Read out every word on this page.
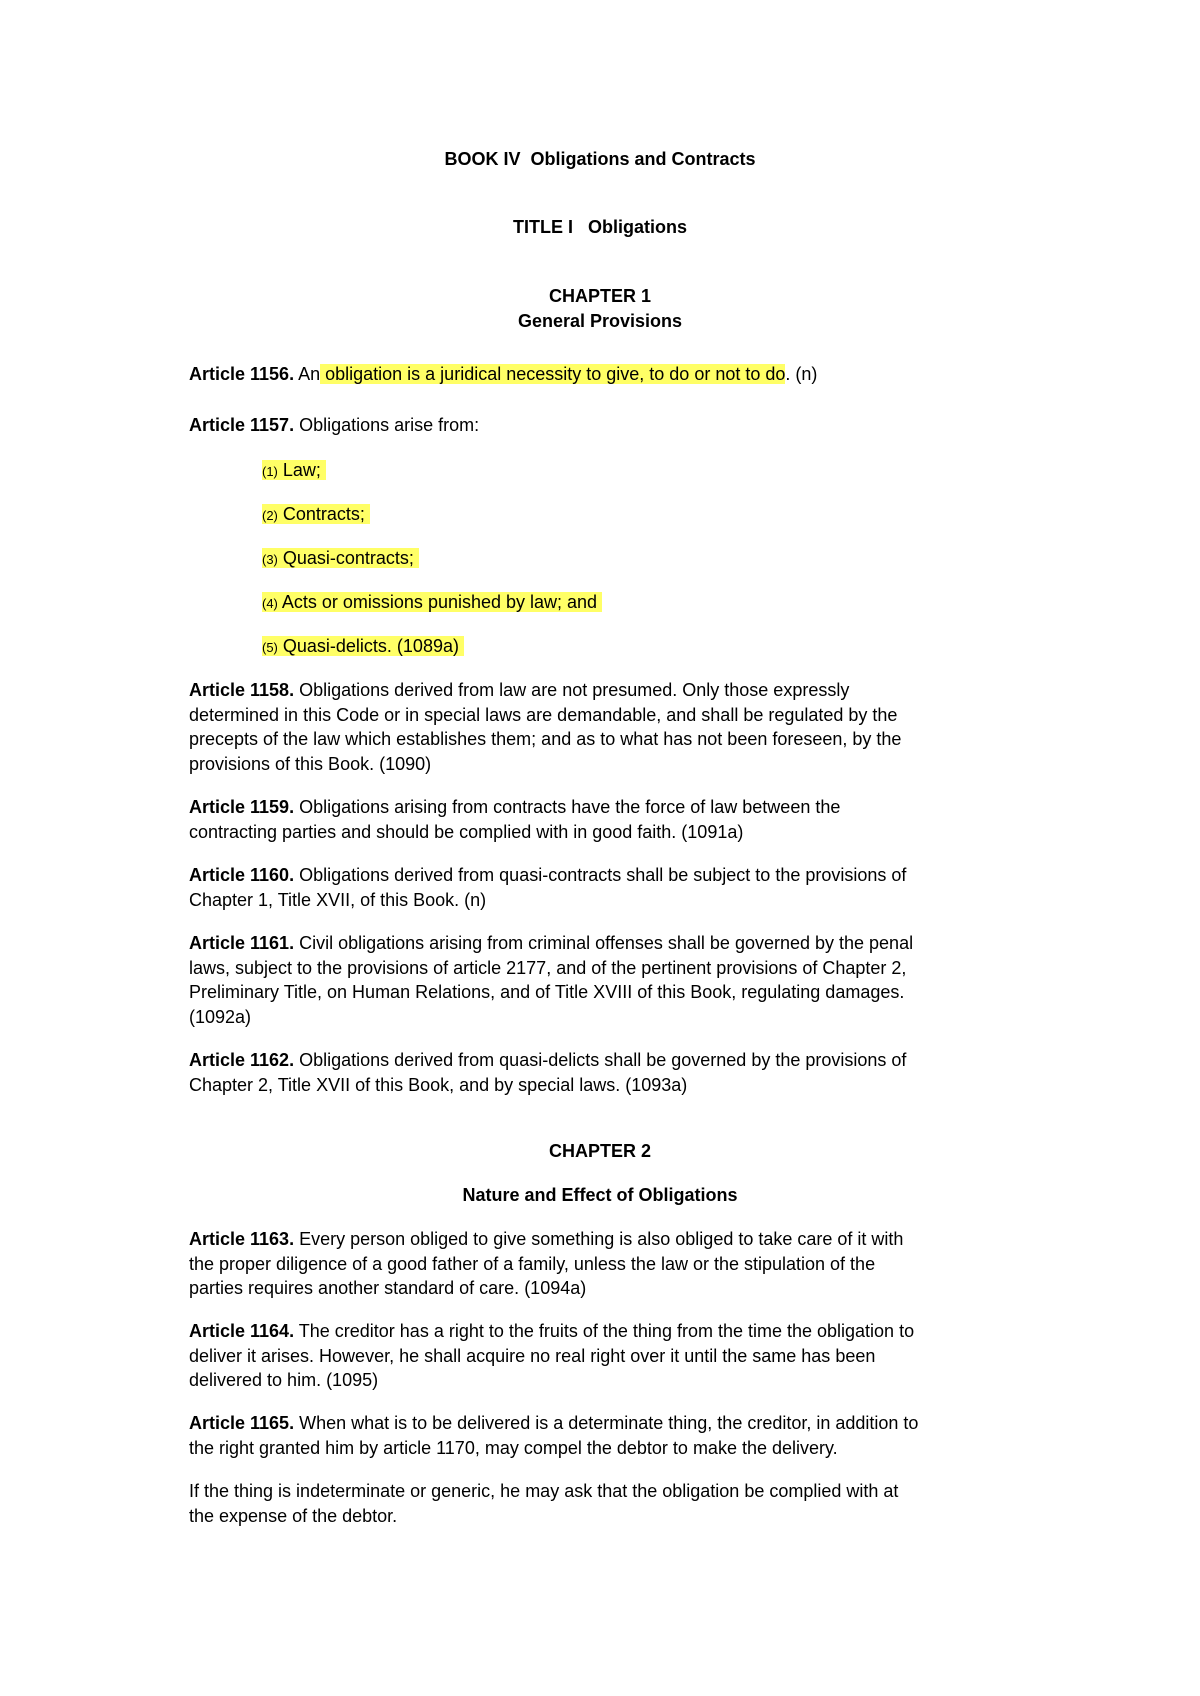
BOOK IV  Obligations and Contracts
TITLE I   Obligations
CHAPTER 1
General Provisions
Article 1156. An obligation is a juridical necessity to give, to do or not to do. (n)
Article 1157. Obligations arise from:
(1) Law;
(2) Contracts;
(3) Quasi-contracts;
(4) Acts or omissions punished by law; and
(5) Quasi-delicts. (1089a)
Article 1158. Obligations derived from law are not presumed. Only those expressly
determined in this Code or in special laws are demandable, and shall be regulated by the
precepts of the law which establishes them; and as to what has not been foreseen, by the
provisions of this Book. (1090)
Article 1159. Obligations arising from contracts have the force of law between the
contracting parties and should be complied with in good faith. (1091a)
Article 1160. Obligations derived from quasi-contracts shall be subject to the provisions of
Chapter 1, Title XVII, of this Book. (n)
Article 1161. Civil obligations arising from criminal offenses shall be governed by the penal
laws, subject to the provisions of article 2177, and of the pertinent provisions of Chapter 2,
Preliminary Title, on Human Relations, and of Title XVIII of this Book, regulating damages.
(1092a)
Article 1162. Obligations derived from quasi-delicts shall be governed by the provisions of
Chapter 2, Title XVII of this Book, and by special laws. (1093a)
CHAPTER 2
Nature and Effect of Obligations
Article 1163. Every person obliged to give something is also obliged to take care of it with
the proper diligence of a good father of a family, unless the law or the stipulation of the
parties requires another standard of care. (1094a)
Article 1164. The creditor has a right to the fruits of the thing from the time the obligation to
deliver it arises. However, he shall acquire no real right over it until the same has been
delivered to him. (1095)
Article 1165. When what is to be delivered is a determinate thing, the creditor, in addition to
the right granted him by article 1170, may compel the debtor to make the delivery.
If the thing is indeterminate or generic, he may ask that the obligation be complied with at
the expense of the debtor.
